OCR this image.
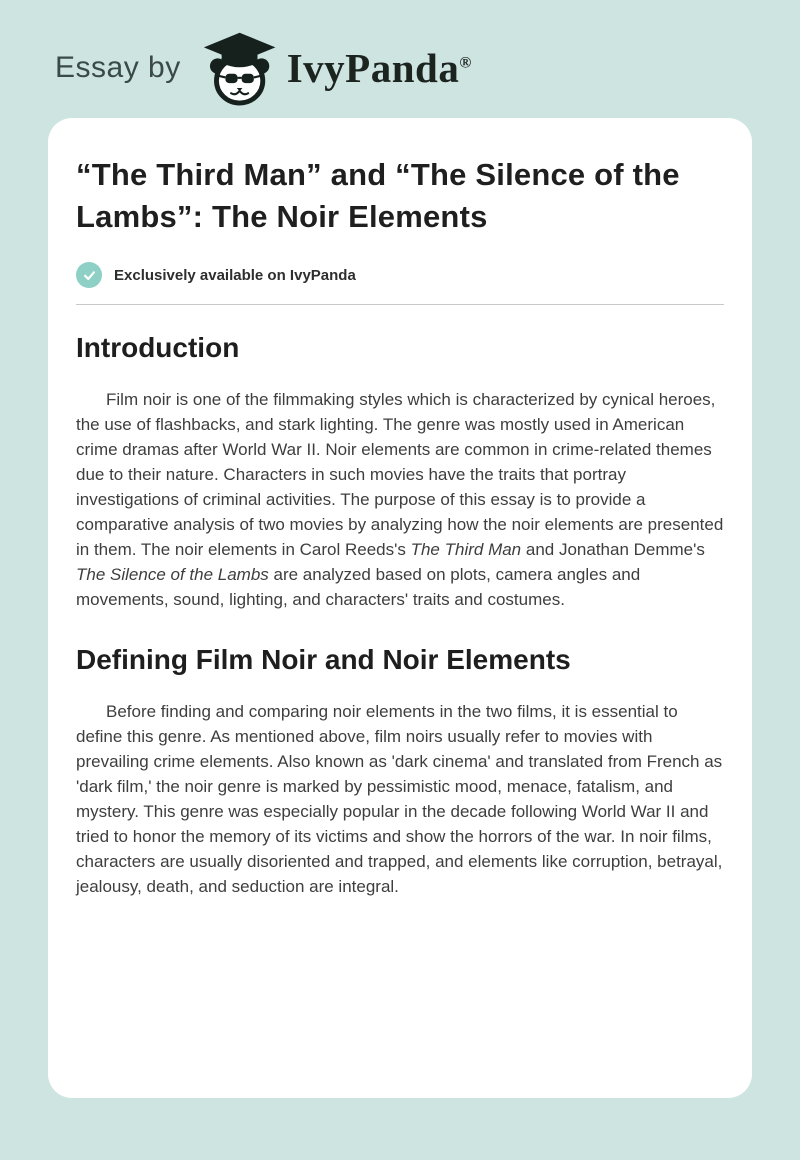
Essay by	IvyPanda®
“The Third Man” and “The Silence of the Lambs”: The Noir Elements
Exclusively available on IvyPanda
Introduction

Film noir is one of the filmmaking styles which is characterized by cynical heroes, the use of flashbacks, and stark lighting. The genre was mostly used in American crime dramas after World War II. Noir elements are common in crime-related themes due to their nature. Characters in such movies have the traits that portray investigations of criminal activities. The purpose of this essay is to provide a comparative analysis of two movies by analyzing how the noir elements are presented in them. The noir elements in Carol Reeds's The Third Man and Jonathan Demme's The Silence of the Lambs are analyzed based on plots, camera angles and movements, sound, lighting, and characters' traits and costumes.

Defining Film Noir and Noir Elements

Before finding and comparing noir elements in the two films, it is essential to define this genre. As mentioned above, film noirs usually refer to movies with prevailing crime elements. Also known as 'dark cinema' and translated from French as 'dark film,' the noir genre is marked by pessimistic mood, menace, fatalism, and mystery. This genre was especially popular in the decade following World War II and tried to honor the memory of its victims and show the horrors of the war. In noir films, characters are usually disoriented and trapped, and elements like corruption, betrayal, jealousy, death, and seduction are integral.
